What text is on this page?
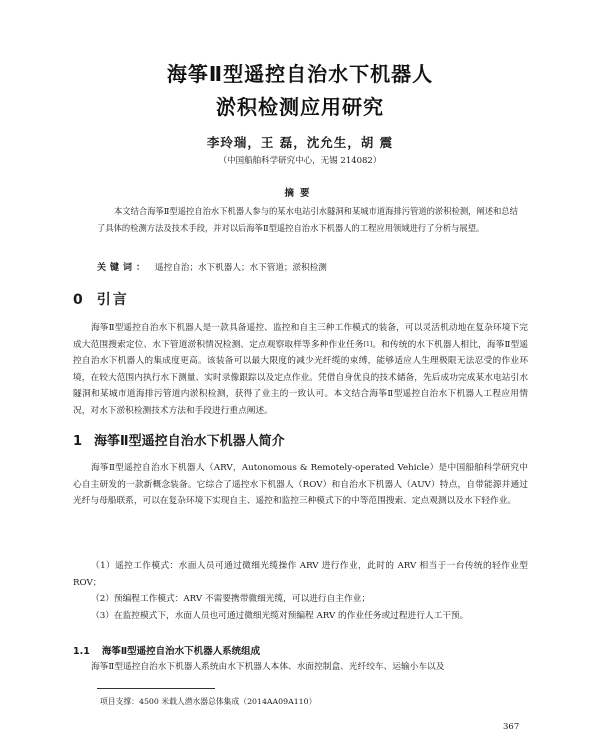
海筝Ⅱ型遥控自治水下机器人
淤积检测应用研究
李玲瑞，王 磊，沈允生，胡 震
（中国船舶科学研究中心，无锡 214082）
摘要
本文结合海筝Ⅱ型遥控自治水下机器人参与的某水电站引水隧洞和某城市道海排污管道的淤积检测，阐述和总结了具体的检测方法及技术手段，并对以后海筝Ⅱ型遥控自治水下机器人的工程应用领域进行了分析与展望。
关键词： 遥控自治；水下机器人；水下管道；淤积检测
0 引言
海筝Ⅱ型遥控自治水下机器人是一款具备遥控、监控和自主三种工作模式的装备，可以灵活机动地在复杂环境下完成大范围搜索定位、水下管道淤积情况检测、定点观察取样等多种作业任务[1]。和传统的水下机器人相比，海筝Ⅱ型遥控自治水下机器人的集成度更高。该装备可以最大限度的减少光纤缆的束缚，能够适应人生理极限无法忍受的作业环境，在较大范围内执行水下测量、实时录像跟踪以及定点作业。凭借自身优良的技术储备，先后成功完成某水电站引水隧洞和某城市道海排污管道内淤积检测，获得了业主的一致认可。本文结合海筝Ⅱ型遥控自治水下机器人工程应用情况，对水下淤积检测技术方法和手段进行重点阐述。
1 海筝Ⅱ型遥控自治水下机器人简介
海筝Ⅱ型遥控自治水下机器人（ARV，Autonomous & Remotely-operated Vehicle）是中国船舶科学研究中心自主研发的一款新概念装备。它综合了遥控水下机器人（ROV）和自治水下机器人（AUV）特点，自带能源并通过光纤与母船联系，可以在复杂环境下实现自主、遥控和监控三种模式下的中等范围搜索、定点观测以及水下轻作业。
（1）遥控工作模式：水面人员可通过微细光缆操作 ARV 进行作业，此时的 ARV 相当于一台传统的轻作业型 ROV；
（2）预编程工作模式：ARV 不需要携带微细光缆，可以进行自主作业；
（3）在监控模式下，水面人员也可通过微细光缆对预编程 ARV 的作业任务或过程进行人工干预。
1.1 海筝Ⅱ型遥控自治水下机器人系统组成
海筝Ⅱ型遥控自治水下机器人系统由水下机器人本体、水面控制盒、光纤绞车、运输小车以及
项目支撑：4500 米载人潜水器总体集成（2014AA09A110）
367
